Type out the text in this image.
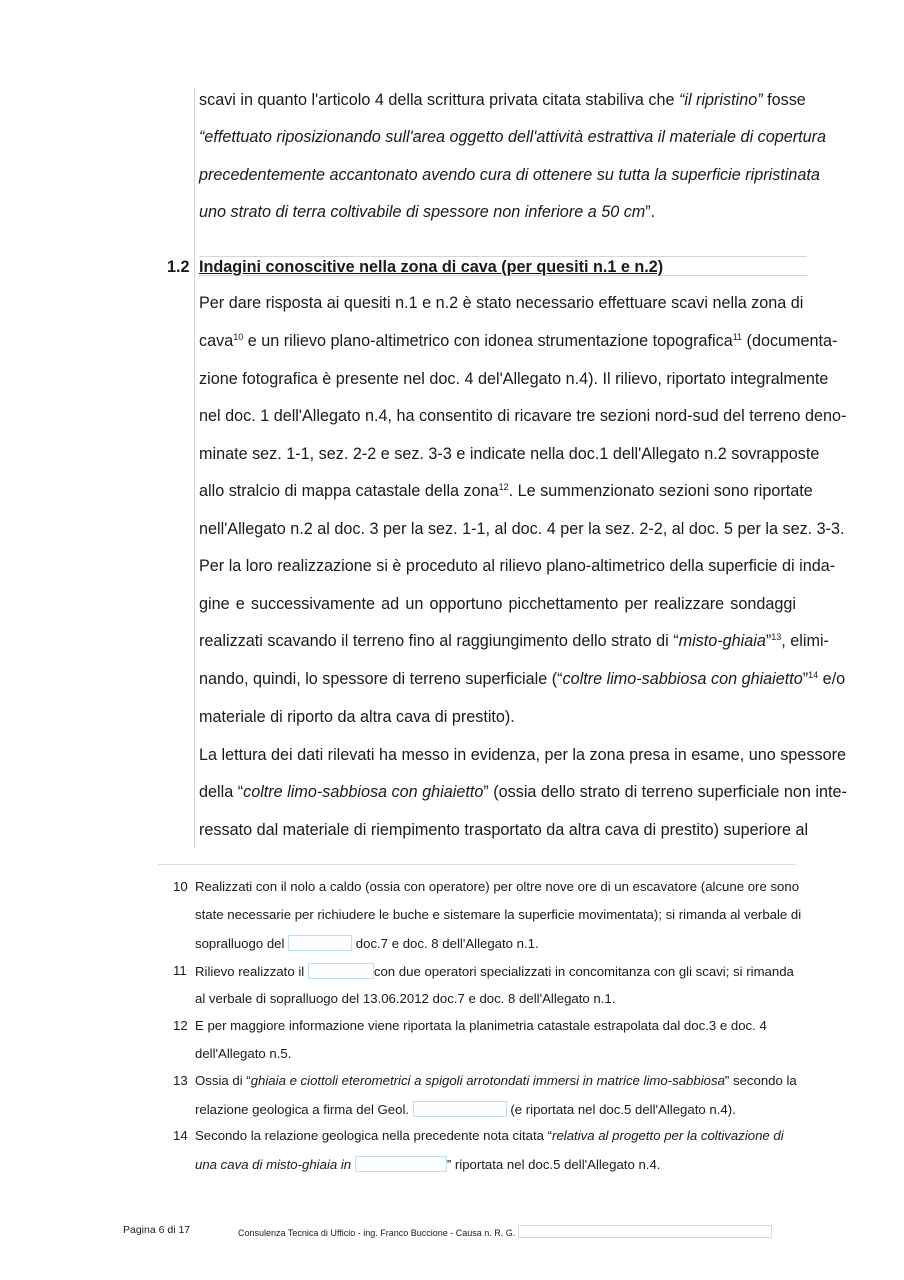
scavi in quanto l'articolo 4 della scrittura privata citata stabiliva che “il ripristino” fosse
“effettuato riposizionando sull'area oggetto dell'attività estrattiva il materiale di copertura
precedentemente accantonato avendo cura di ottenere su tutta la superficie ripristinata
uno strato di terra coltivabile di spessore non inferiore a 50 cm”.
1.2 Indagini conoscitive nella zona di cava (per quesiti n.1 e n.2)
Per dare risposta ai quesiti n.1 e n.2 è stato necessario effettuare scavi nella zona di
cava$^{10}$ e un rilievo plano-altimetrico con idonea strumentazione topografica$^{11}$ (documenta-
zione fotografica è presente nel doc. 4 del'Allegato n.4). Il rilievo, riportato integralmente
nel doc. 1 dell'Allegato n.4, ha consentito di ricavare tre sezioni nord-sud del terreno deno-
minate sez. 1-1, sez. 2-2 e sez. 3-3 e indicate nella doc.1 dell'Allegato n.2 sovrapposte
allo stralcio di mappa catastale della zona$^{12}$. Le summenzionato sezioni sono riportate
nell'Allegato n.2 al doc. 3 per la sez. 1-1, al doc. 4 per la sez. 2-2, al doc. 5 per la sez. 3-3.
Per la loro realizzazione si è proceduto al rilievo plano-altimetrico della superficie di inda-
gine e successivamente ad un opportuno picchettamento per realizzare sondaggi
realizzati scavando il terreno fino al raggiungimento dello strato di “misto-ghiaia”$^{13}$, elimi-
nando, quindi, lo spessore di terreno superficiale (“coltre limo-sabbiosa con ghiaietto”$^{14}$ e/o
materiale di riporto da altra cava di prestito).
La lettura dei dati rilevati ha messo in evidenza, per la zona presa in esame, uno spessore
della “coltre limo-sabbiosa con ghiaietto” (ossia dello strato di terreno superficiale non inte-
ressato dal materiale di riempimento trasportato da altra cava di prestito) superiore al
10 Realizzati con il nolo a caldo (ossia con operatore) per oltre nove ore di un escavatore (alcune ore sono
state necessarie per richiudere le buche e sistemare la superficie movimentata); si rimanda al verbale di
sopralluogo del	doc.7 e doc. 8 dell'Allegato n.1.
11 Rilievo realizzato il	con due operatori specializzati in concomitanza con gli scavi; si rimanda
al verbale di sopralluogo del 13.06.2012 doc.7 e doc. 8 dell'Allegato n.1.
12 E per maggiore informazione viene riportata la planimetria catastale estrapolata dal doc.3 e doc. 4
dell'Allegato n.5.
13 Ossia di “ghiaia e ciottoli eterometrici a spigoli arrotondati immersi in matrice limo-sabbiosa” secondo la
relazione geologica a firma del Geol.	(e riportata nel doc.5 dell'Allegato n.4).
14 Secondo la relazione geologica nella precedente nota citata “relativa al progetto per la coltivazione di
una cava di misto-ghiaia in	” riportata nel doc.5 dell'Allegato n.4.
Pagina 6 di 17	Consulenza Tecnica di Ufficio - ing. Franco Buccione - Causa n. R. G.
